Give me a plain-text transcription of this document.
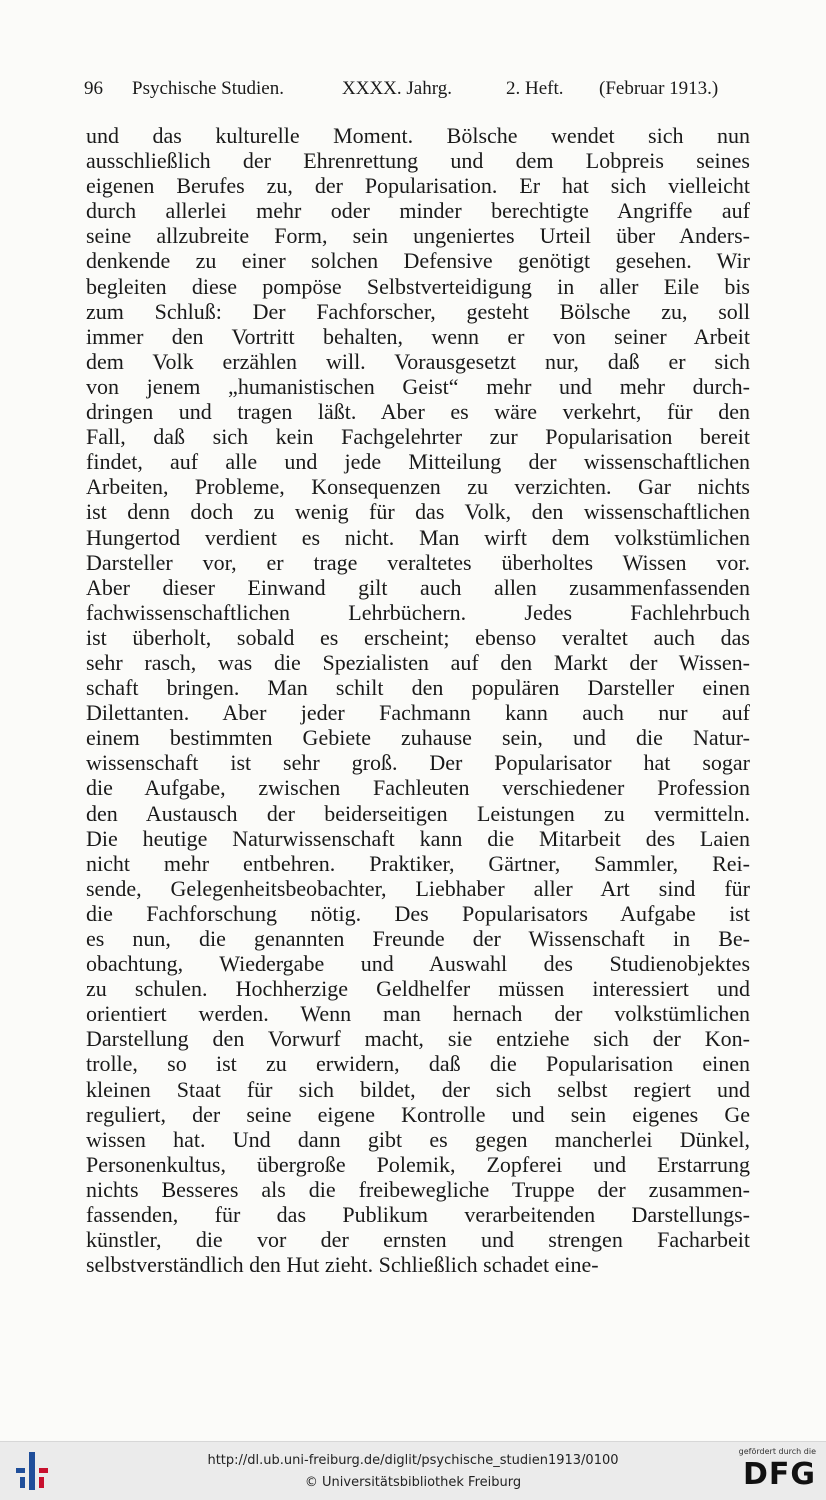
96 Psychische Studien.	XXXX. Jahrg.	2. Heft. (Februar 1913.)
und das kulturelle Moment. Bölsche wendet sich nun
ausschließlich der Ehrenrettung und dem Lobpreis seines
eigenen Berufes zu, der Popularisation. Er hat sich vielleicht
durch allerlei mehr oder minder berechtigte Angriffe auf
seine allzubreite Form, sein ungeniertes Urteil über Anders-
denkende zu einer solchen Defensive genötigt gesehen. Wir
begleiten diese pompöse Selbstverteidigung in aller Eile bis
zum Schluß: Der Fachforscher, gesteht Bölsche zu, soll
immer den Vortritt behalten, wenn er von seiner Arbeit
dem Volk erzählen will. Vorausgesetzt nur, daß er sich
von jenem „humanistischen Geist“ mehr und mehr durch-
dringen und tragen läßt. Aber es wäre verkehrt, für den
Fall, daß sich kein Fachgelehrter zur Popularisation bereit
findet, auf alle und jede Mitteilung der wissenschaftlichen
Arbeiten, Probleme, Konsequenzen zu verzichten. Gar nichts
ist denn doch zu wenig für das Volk, den wissenschaftlichen
Hungertod verdient es nicht. Man wirft dem volkstümlichen
Darsteller vor, er trage veraltetes überholtes Wissen vor.
Aber dieser Einwand gilt auch allen zusammenfassenden
fachwissenschaftlichen Lehrbüchern. Jedes Fachlehrbuch
ist überholt, sobald es erscheint; ebenso veraltet auch das
sehr rasch, was die Spezialisten auf den Markt der Wissen-
schaft bringen. Man schilt den populären Darsteller einen
Dilettanten. Aber jeder Fachmann kann auch nur auf
einem bestimmten Gebiete zuhause sein, und die Natur-
wissenschaft ist sehr groß. Der Popularisator hat sogar
die Aufgabe, zwischen Fachleuten verschiedener Profession
den Austausch der beiderseitigen Leistungen zu vermitteln.
Die heutige Naturwissenschaft kann die Mitarbeit des Laien
nicht mehr entbehren. Praktiker, Gärtner, Sammler, Rei-
sende, Gelegenheitsbeobachter, Liebhaber aller Art sind für
die Fachforschung nötig. Des Popularisators Aufgabe ist
es nun, die genannten Freunde der Wissenschaft in Be-
obachtung, Wiedergabe und Auswahl des Studienobjektes
zu schulen. Hochherzige Geldhelfer müssen interessiert und
orientiert werden. Wenn man hernach der volkstümlichen
Darstellung den Vorwurf macht, sie entziehe sich der Kon-
trolle, so ist zu erwidern, daß die Popularisation einen
kleinen Staat für sich bildet, der sich selbst regiert und
reguliert, der seine eigene Kontrolle und sein eigenes Ge
wissen hat. Und dann gibt es gegen mancherlei Dünkel,
Personenkultus, übergroße Polemik, Zopferei und Erstarrung
nichts Besseres als die freibewegliche Truppe der zusammen-
fassenden, für das Publikum verarbeitenden Darstellungs-
künstler, die vor der ernsten und strengen Facharbeit
selbstverständlich den Hut zieht. Schließlich schadet eine-
http://dl.ub.uni-freiburg.de/diglit/psychische_studien1913/0100
© Universitätsbibliothek Freiburg
gefördert durch die
DFG
